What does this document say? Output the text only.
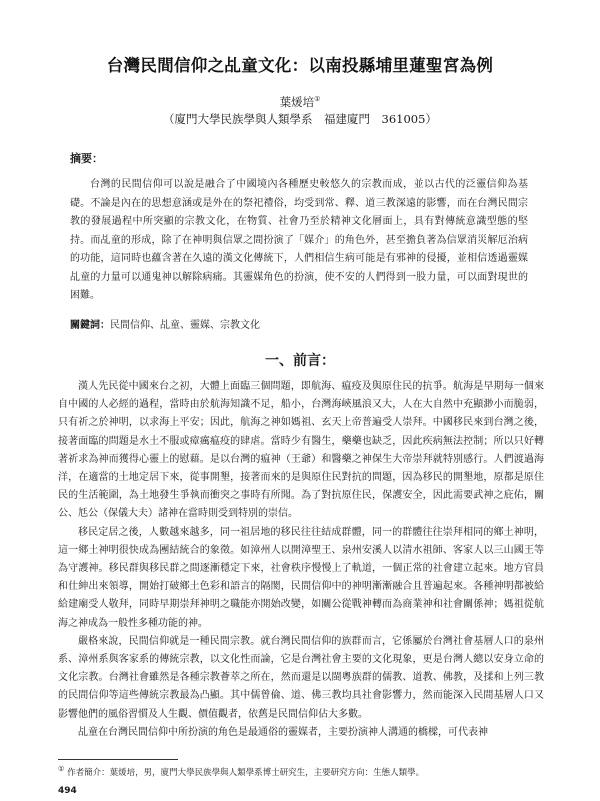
台灣民間信仰之乩童文化：以南投縣埔里蓮聖宮為例
葉煖培①
（廈門大學民族學與人類學系　福建廈門　361005）
摘要：

台灣的民間信仰可以說是融合了中國境內各種歷史較悠久的宗教而成，並以古代的泛靈信仰為基礎。不論是內在的思想意涵或是外在的祭祀禮俗，均受到常、釋、道三教深遠的影響，而在台灣民間宗教的發展過程中所突顯的宗教文化，在物質、社會乃至於精神文化層面上，具有對傳統意識型態的堅持。而乩童的形成，除了在神明與信眾之間扮演了「媒介」的角色外，甚至擔負著為信眾消災解厄治病的功能，這同時也蘊含著在久遠的漢文化傳統下，人們相信生病可能是有邪神的侵擾，並相信透過靈媒乩童的力量可以通鬼神以解除病痛。其靈媒角色的扮演，使不安的人們得到一股力量，可以面對現世的困難。

關鍵詞：民間信仰、乩童、靈媒、宗教文化
一、前言：

漢人先民從中國來台之初，大體上面臨三個問題，即航海、瘟疫及與原住民的抗爭。航海是早期每一個來自中國的人必經的過程，當時由於航海知識不足，船小，台灣海峽風浪又大，人在大自然中充顯渺小而脆弱，只有祈之於神明，以求海上平安；因此，航海之神如媽祖、玄天上帝普遍受人崇拜。中國移民來到台灣之後，接著面臨的問題是水土不服或瘴癘瘟疫的肆虐。當時少有醫生，藥藥也缺乏，因此疾病無法控制；所以只好轉著祈求為神而獲得心靈上的慰藉。是以台灣的瘟神（王爺）和醫藥之神保生大帝崇拜就特別感行。人們渡過海洋，在適當的土地定居下來，從事開墾，接著而來的是與原住民對抗的問題，因為移民的開墾地，原都是原住民的生活範圍，為土地發生爭執而衝突之事時有所聞。為了對抗原住民，保護安全，因此需要武神之庇佑，關公、尪公（保儀大夫）諸神在當時則受到特別的崇信。

移民定居之後，人數越來越多，同一祖居地的移民往往結成群體，同一的群體往往崇拜相同的鄉土神明，這一鄉土神明很快成為團結統合的象徵。如漳州人以開漳聖王、泉州安溪人以清水祖師、客家人以三山國王等為守護神。移民群與移民群之間逐漸穩定下來，社會秩序慢慢上了軌道，一個正常的社會建立起來。地方官員和仕紳出來領導，開始打破鄉土色彩和語言的隔閡，民間信仰中的神明漸漸融合且普遍起來。各種神明都被給給建廟受人敬拜，同時早期崇拜神明之職能亦開始改變，如關公從戰神轉而為商業神和社會關係神；媽祖從航海之神成為一般性多種功能的神。

嚴格來說，民間信仰就是一種民間宗教。就台灣民間信仰的族群而言，它係屬於台灣社會基層人口的泉州系、漳州系與客家系的傳統宗教，以文化性而論，它是台灣社會主要的文化現象，更是台灣人總以安身立命的文化宗教。台灣社會雖然是各種宗教薈萃之所在，然而還是以閩粵族群的儒教、道教、佛教，及揉和上列三教的民間信仰等這些傳統宗教最為凸顯。其中儒曾倫、道、佛三教均具社會影響力，然而能深入民間基層人口又影響他們的風俗習慣及人生觀、價值觀者，依舊是民間信仰佔大多數。

乩童在台灣民間信仰中所扮演的角色是最通俗的靈媒者，主要扮演神人溝通的橋樑，可代表神

① 作者簡介：葉煖培，男，廈門大學民族學與人類學系博士研究生，主要研究方向：生態人類學。
494
